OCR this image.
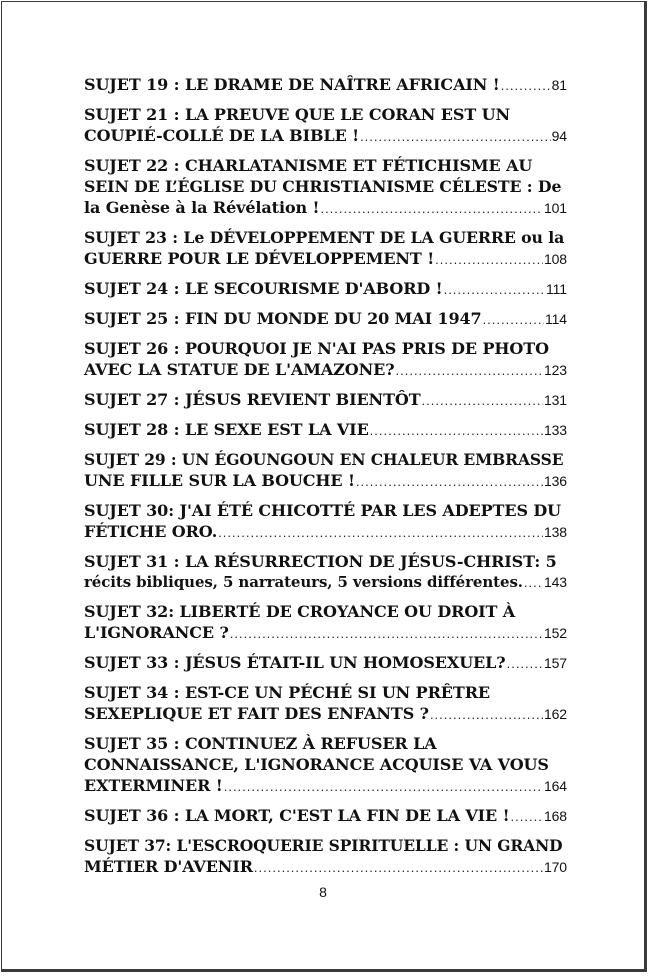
SUJET 19 : LE DRAME DE NAÎTRE AFRICAIN ! .....	81
SUJET 21 : LA PREUVE QUE LE CORAN EST UN
COUPIÉ-COLLÉ DE LA BIBLE ! .....	94
SUJET 22 : CHARLATANISME ET FÉTICHISME AU
SEIN DE L’ÉGLISE DU CHRISTIANISME CÉLESTE : De
la Genèse à la Révélation ! .....	101
SUJET 23 : Le DÉVELOPPEMENT DE LA GUERRE ou la
GUERRE POUR LE DÉVELOPPEMENT ! .....	108
SUJET 24 : LE SECOURISME D'ABORD ! .....	111
SUJET 25 : FIN DU MONDE DU 20 MAI 1947 .....	114
SUJET 26 : POURQUOI JE N'AI PAS PRIS DE PHOTO
AVEC LA STATUE DE L'AMAZONE? .....	123
SUJET 27 : JÉSUS REVIENT BIENTÔT .....	131
SUJET 28 : LE SEXE EST LA VIE .....	133
SUJET 29 : UN ÉGOUNGOUN EN CHALEUR EMBRASSE
UNE FILLE SUR LA BOUCHE ! .....	136
SUJET 30: J'AI ÉTÉ CHICOTTÉ PAR LES ADEPTES DU
FÉTICHE ORO. .....	138
SUJET 31 : LA RÉSURRECTION DE JÉSUS-CHRIST: 5
récits bibliques, 5 narrateurs, 5 versions différentes. ..... 143
SUJET 32: LIBERTÉ DE CROYANCE OU DROIT À
L'IGNORANCE ? .....	152
SUJET 33 : JÉSUS ÉTAIT-IL UN HOMOSEXUEL? .....	157
SUJET 34 : EST-CE UN PÉCHÉ SI UN PRÊTRE
SEXEPLIQUE ET FAIT DES ENFANTS ? .....	162
SUJET 35 : CONTINUEZ À REFUSER LA
CONNAISSANCE, L'IGNORANCE ACQUISE VA VOUS
EXTERMINER ! .....	164
SUJET 36 : LA MORT, C'EST LA FIN DE LA VIE ! ..... 168
SUJET 37: L'ESCROQUERIE SPIRITUELLE : UN GRAND
MÉTIER D'AVENIR .....	170
8
